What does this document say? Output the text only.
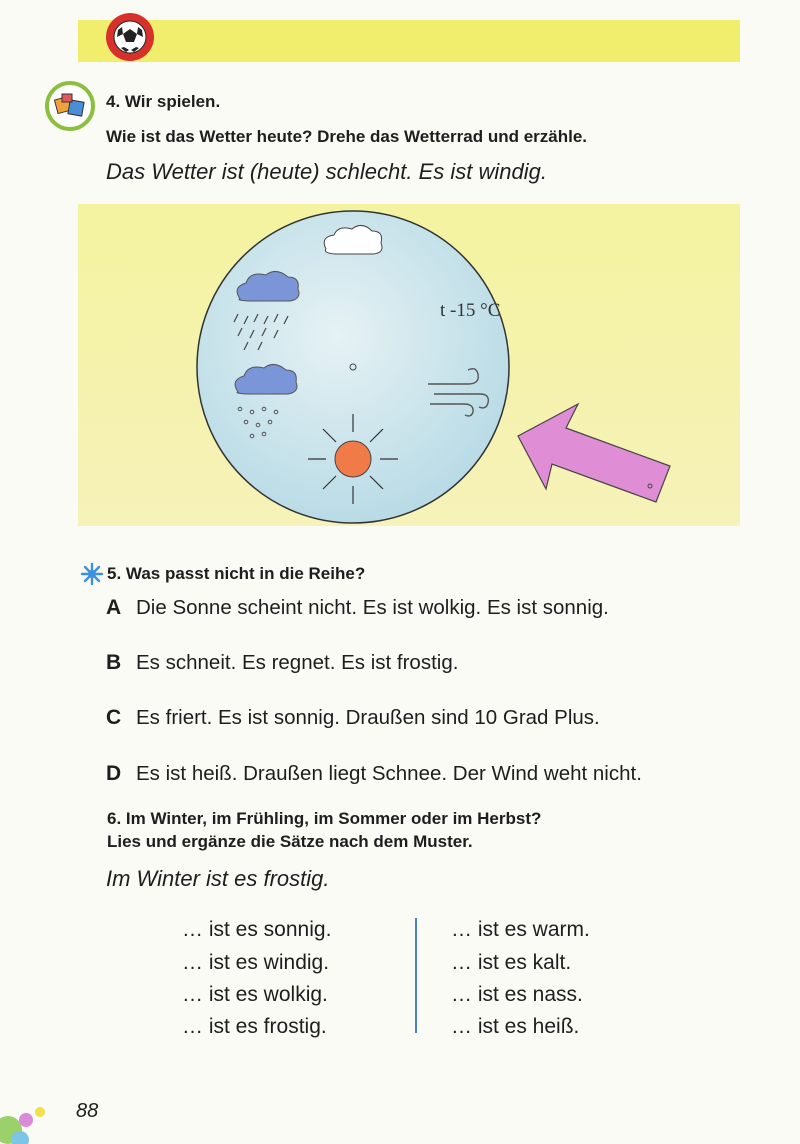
4. Wir spielen.
Wie ist das Wetter heute? Drehe das Wetterrad und erzähle.
Das Wetter ist (heute) schlecht. Es ist windig.
t -15 °C
5. Was passt nicht in die Reihe?
A Die Sonne scheint nicht. Es ist wolkig. Es ist sonnig.
B Es schneit. Es regnet. Es ist frostig.
C Es friert. Es ist sonnig. Draußen sind 10 Grad Plus.
D Es ist heiß. Draußen liegt Schnee. Der Wind weht nicht.
6. Im Winter, im Frühling, im Sommer oder im Herbst?
Lies und ergänze die Sätze nach dem Muster.
Im Winter ist es frostig.
… ist es sonnig.
… ist es windig.
… ist es wolkig.
… ist es frostig.
… ist es warm.
… ist es kalt.
… ist es nass.
… ist es heiß.
88
